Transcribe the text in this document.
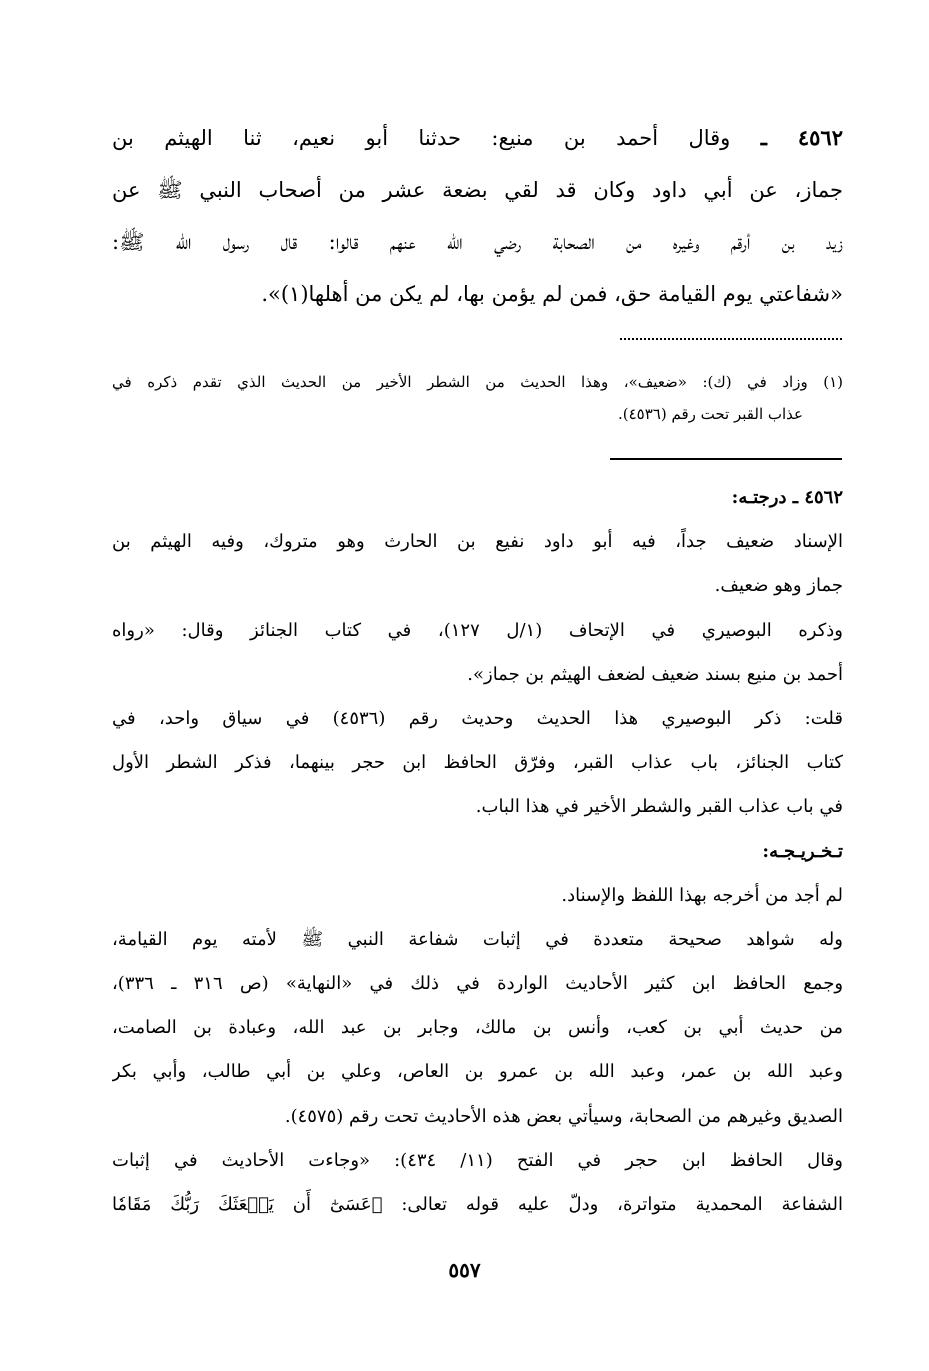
٤٥٦٢ ـ وقال أحمد بن منيع: حدثنا أبو نعيم، ثنا الهيثم بن
جماز، عن أبي داود وكان قد لقي بضعة عشر من أصحاب النبي ﷺ عن
زيد بن أرقم وغيره من الصحابة رضي الله عنهم قالوا: قال رسول الله ﷺ:
«شفاعتي يوم القيامة حق، فمن لم يؤمن بها، لم يكن من أهلها(١)».
(١) وزاد في (ك): «ضعيف»، وهذا الحديث من الشطر الأخير من الحديث الذي تقدم ذكره في
عذاب القبر تحت رقم (٤٥٣٦).
٤٥٦٢ ـ درجتـه:
الإسناد ضعيف جداً، فيه أبو داود نفيع بن الحارث وهو متروك، وفيه الهيثم بن
جماز وهو ضعيف.
وذكره البوصيري في الإتحاف (١/ل ١٢٧)، في كتاب الجنائز وقال: «رواه
أحمد بن منيع بسند ضعيف لضعف الهيثم بن جماز».
قلت: ذكر البوصيري هذا الحديث وحديث رقم (٤٥٣٦) في سياق واحد، في
كتاب الجنائز، باب عذاب القبر، وفرّق الحافظ ابن حجر بينهما، فذكر الشطر الأول
في باب عذاب القبر والشطر الأخير في هذا الباب.
تـخـريـجـه:
لم أجد من أخرجه بهذا اللفظ والإسناد.
وله شواهد صحيحة متعددة في إثبات شفاعة النبي ﷺ لأمته يوم القيامة،
وجمع الحافظ ابن كثير الأحاديث الواردة في ذلك في «النهاية» (ص ٣١٦ ـ ٣٣٦)،
من حديث أبي بن كعب، وأنس بن مالك، وجابر بن عبد الله، وعبادة بن الصامت،
وعبد الله بن عمر، وعبد الله بن عمرو بن العاص، وعلي بن أبي طالب، وأبي بكر
الصديق وغيرهم من الصحابة، وسيأتي بعض هذه الأحاديث تحت رقم (٤٥٧٥).
وقال الحافظ ابن حجر في الفتح (١١/ ٤٣٤): «وجاءت الأحاديث في إثبات
الشفاعة المحمدية متواترة، ودلّ عليه قوله تعالى: ﴿عَسَىٰٓ أَن يَبۡعَثَكَ رَبُّكَ مَقَامٗا
٥٥٧
